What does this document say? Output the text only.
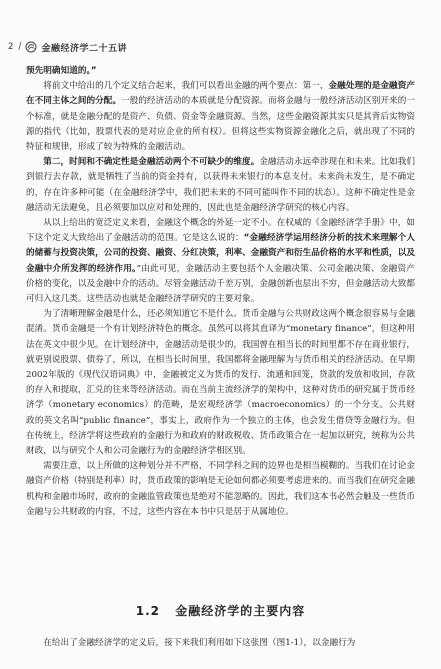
2 / 金融经济学二十五讲

预先明确知道的。”

将前文中给出的几个定义结合起来，我们可以看出金融的两个要点：第一，金融处理的是金融资产在不同主体之间的分配。一般的经济活动的本质就是分配资源。而将金融与一般经济活动区别开来的一个标准，就是金融分配的是资产、负债、资金等金融资源。当然，这些金融资源其实只是其背后实物资源的指代（比如，股票代表的是对应企业的所有权）。但将这些实物资源金融化之后，就出现了不同的特征和规律，形成了较为特殊的金融活动。

第二，时间和不确定性是金融活动两个不可缺少的维度。金融活动永远牵涉现在和未来。比如我们到银行去存款，就是牺牲了当前的资金持有，以获得未来银行的本息支付。未来尚未发生，是不确定的，存在许多种可能（在金融经济学中，我们把未来的不同可能叫作不同的状态）。这种不确定性是金融活动无法避免，且必须要加以应对和处理的，因此也是金融经济学研究的核心内容。

从以上给出的宽泛定义来看，金融这个概念的外延一定不小。在权威的《金融经济学手册》中，如下这个定义大致给出了金融活动的范围。它是这么说的：“金融经济学运用经济分析的技术来理解个人的储蓄与投资决策，公司的投资、融资、分红决策，利率、金融资产和衍生品价格的水平和性质，以及金融中介所发挥的经济作用。”由此可见，金融活动主要包括个人金融决策、公司金融决策、金融资产价格的变化，以及金融中介的活动。尽管金融活动千差万别，金融创新也层出不穷，但金融活动大致都可归入这几类。这些活动也就是金融经济学研究的主要对象。

为了清晰理解金融是什么，还必须知道它不是什么。货币金融与公共财政这两个概念很容易与金融混淆。货币金融是一个有计划经济特色的概念。虽然可以将其直译为“monetary finance”，但这种用法在英文中很少见。在计划经济中，金融活动是很少的，我国曾在相当长的时间里都不存在商业银行，就更别说股票、债券了，所以，在相当长时间里，我国都将金融理解为与货币相关的经济活动。在早期2002年版的《现代汉语词典》中，金融被定义为货币的发行、流通和回笼，贷款的发放和收回，存款的存入和提取，汇兑的往来等经济活动。而在当前主流经济学的架构中，这种对货币的研究属于货币经济学（monetary economics）的范畴，是宏观经济学（macroeconomics）的一个分支。公共财政的英文名叫“public finance”，事实上，政府作为一个独立的主体，也会发生借贷等金融行为。但在传统上，经济学将这些政府的金融行为和政府的财政税收、货币政策合在一起加以研究，统称为公共财政，以与研究个人和公司金融行为的金融经济学相区别。

需要注意，以上所做的这种划分并不严格，不同学科之间的边界也是相当模糊的。当我们在讨论金融资产价格（特别是利率）时，货币政策的影响是无论如何都必须要考虑进来的。而当我们在研究金融机构和金融市场时，政府的金融监管政策也是绝对不能忽略的。因此，我们这本书必然会触及一些货币金融与公共财政的内容，不过，这些内容在本书中只是居于从属地位。

1.2 金融经济学的主要内容

在给出了金融经济学的定义后，接下来我们利用如下这张图（图1-1），以金融行为
